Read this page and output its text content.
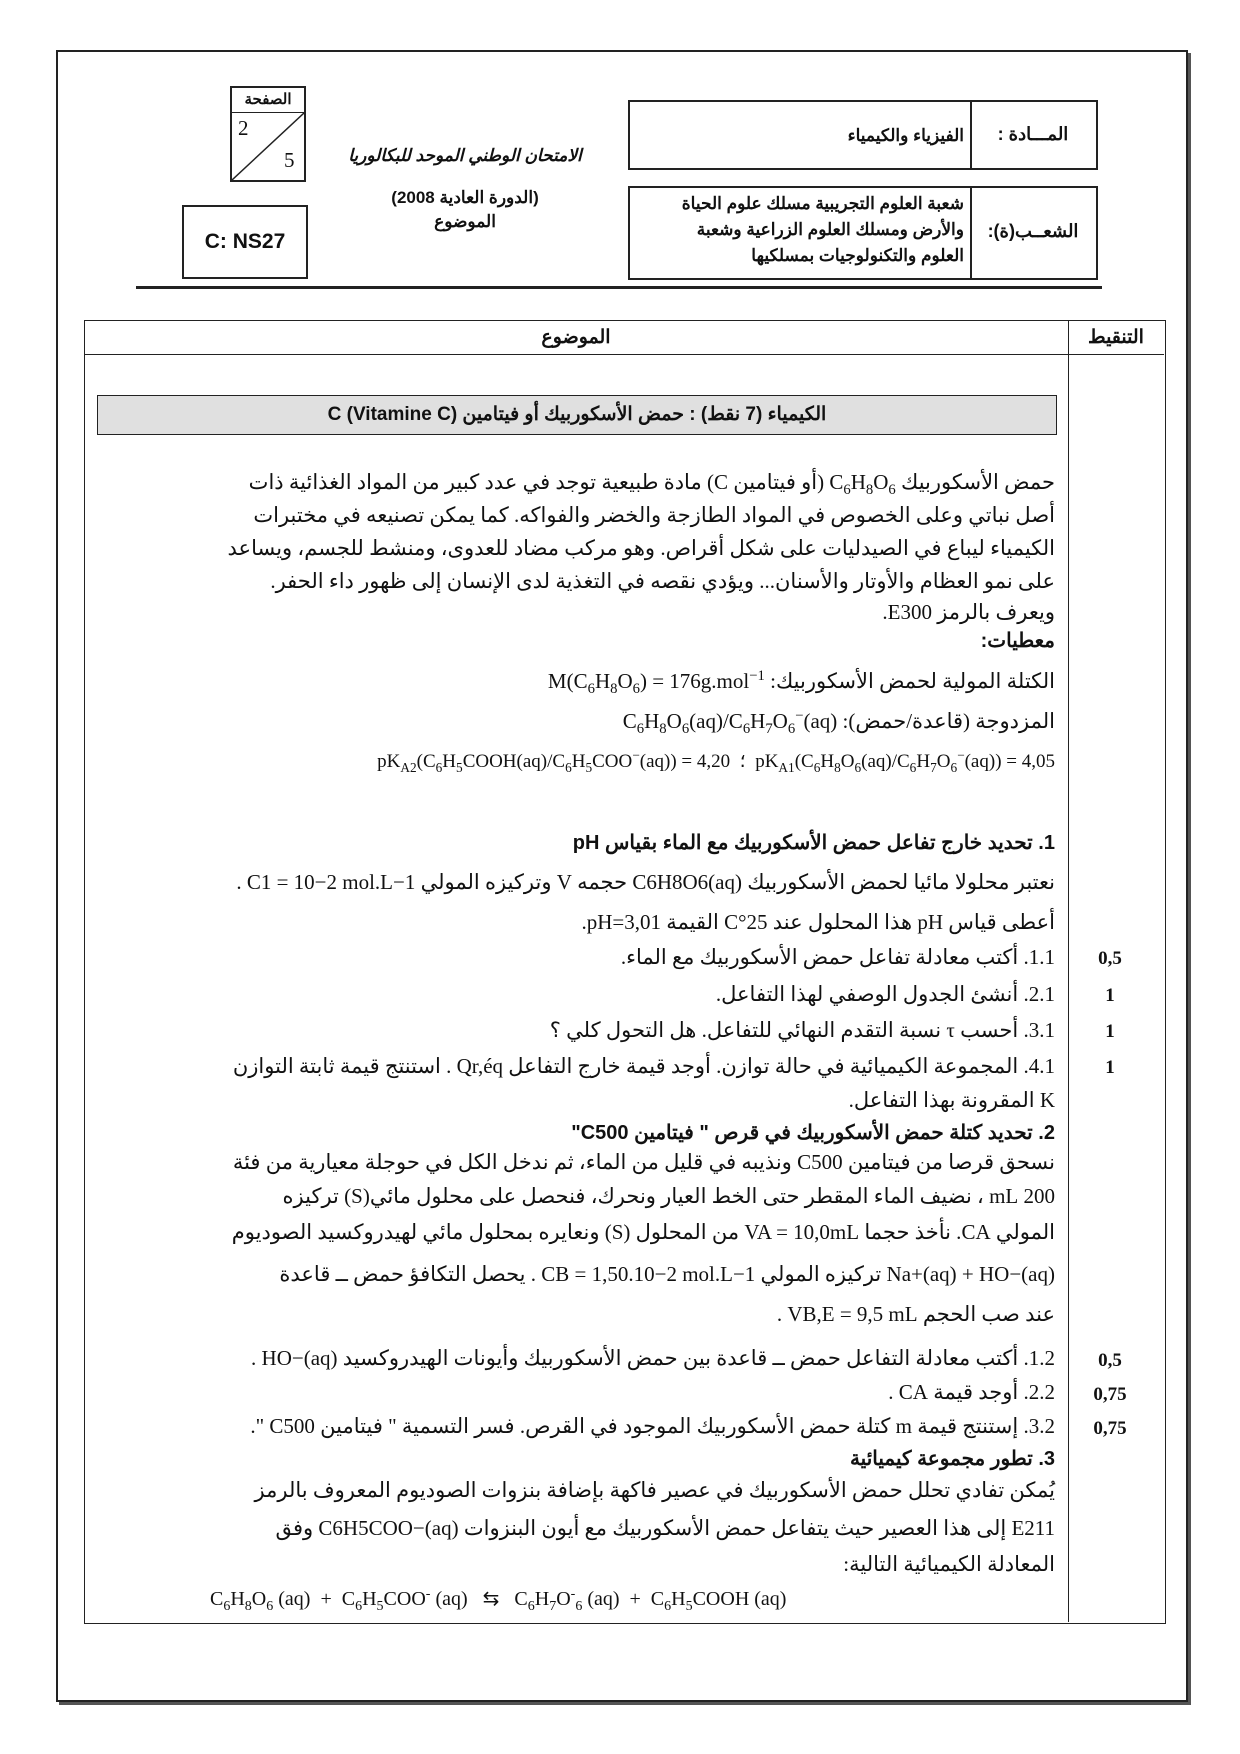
الصفحة
2
5
C: NS27
الامتحان الوطني الموحد للبكالوريا
(الدورة العادية 2008)
الموضوع
المـــادة :
الفيزياء والكيمياء
الشعــب(ة):
شعبة العلوم التجريبية مسلك علوم الحياة
والأرض ومسلك العلوم الزراعية وشعبة
العلوم والتكنولوجيات بمسلكيها
الموضوع	التنقيط
الكيمياء (7 نقط) : حمض الأسكوربيك أو فيتامين C (Vitamine C)
حمض الأسكوربيك $C_6H_8O_6$ (أو فيتامين C) مادة طبيعية توجد في عدد كبير من المواد الغذائية ذات
أصل نباتي وعلى الخصوص في المواد الطازجة والخضر والفواكه. كما يمكن تصنيعه في مختبرات
الكيمياء ليباع في الصيدليات على شكل أقراص. وهو مركب مضاد للعدوى، ومنشط للجسم، ويساعد
على نمو العظام والأوتار والأسنان... ويؤدي نقصه في التغذية لدى الإنسان إلى ظهور داء الحفر.
ويعرف بالرمز E300.
معطيات:
الكتلة المولية لحمض الأسكوربيك: $M(C_6H_8O_6) = 176g.mol^{-1}$
المزدوجة (قاعدة/حمض): $C_6H_8O_6(aq)/C_6H_7O_6^-(aq)$
$pK_{A2}(C_6H_5COOH(aq)/C_6H_5COO^-(aq)) = 4,20$  ؛  $pK_{A1}(C_6H_8O_6(aq)/C_6H_7O_6^-(aq)) = 4,05$
1. تحديد خارج تفاعل حمض الأسكوربيك مع الماء بقياس pH
نعتبر محلولا مائيا لحمض الأسكوربيك C6H8O6(aq) حجمه V وتركيزه المولي C1 = 10−2 mol.L−1 .
أعطى قياس pH هذا المحلول عند 25°C القيمة pH=3,01.
1.1. أكتب معادلة تفاعل حمض الأسكوربيك مع الماء.
2.1. أنشئ الجدول الوصفي لهذا التفاعل.
3.1. أحسب τ نسبة التقدم النهائي للتفاعل. هل التحول كلي ؟
4.1. المجموعة الكيميائية في حالة توازن. أوجد قيمة خارج التفاعل Qr,éq . استنتج قيمة ثابتة التوازن
K المقرونة بهذا التفاعل.
0,5
1
1
1
2. تحديد كتلة حمض الأسكوربيك في قرص " فيتامين C500"
نسحق قرصا من فيتامين C500 ونذيبه في قليل من الماء، ثم ندخل الكل في حوجلة معيارية من فئة
200 mL ، نضيف الماء المقطر حتى الخط العيار ونحرك، فنحصل على محلول مائي(S) تركيزه
المولي CA. نأخذ حجما VA = 10,0mL من المحلول (S) ونعايره بمحلول مائي لهيدروكسيد الصوديوم
Na+(aq) + HO−(aq) تركيزه المولي CB = 1,50.10−2 mol.L−1 . يحصل التكافؤ حمض ــ قاعدة
عند صب الحجم VB,E = 9,5 mL .
1.2. أكتب معادلة التفاعل حمض ــ قاعدة بين حمض الأسكوربيك وأيونات الهيدروكسيد HO−(aq) .
2.2. أوجد قيمة CA .
3.2. إستنتج قيمة m كتلة حمض الأسكوربيك الموجود في القرص. فسر التسمية " فيتامين C500 ".
0,5
0,75
0,75
3. تطور مجموعة كيميائية
يُمكن تفادي تحلل حمض الأسكوربيك في عصير فاكهة بإضافة بنزوات الصوديوم المعروف بالرمز
E211 إلى هذا العصير حيث يتفاعل حمض الأسكوربيك مع أيون البنزوات C6H5COO−(aq) وفق
المعادلة الكيميائية التالية:
$C_6H_8O_6$ $(aq) + C_6H_5COO^-$ (aq)   ⇆   $C_6H_7O^-_6$ $(aq) + C_6H_5COOH$ (aq)
